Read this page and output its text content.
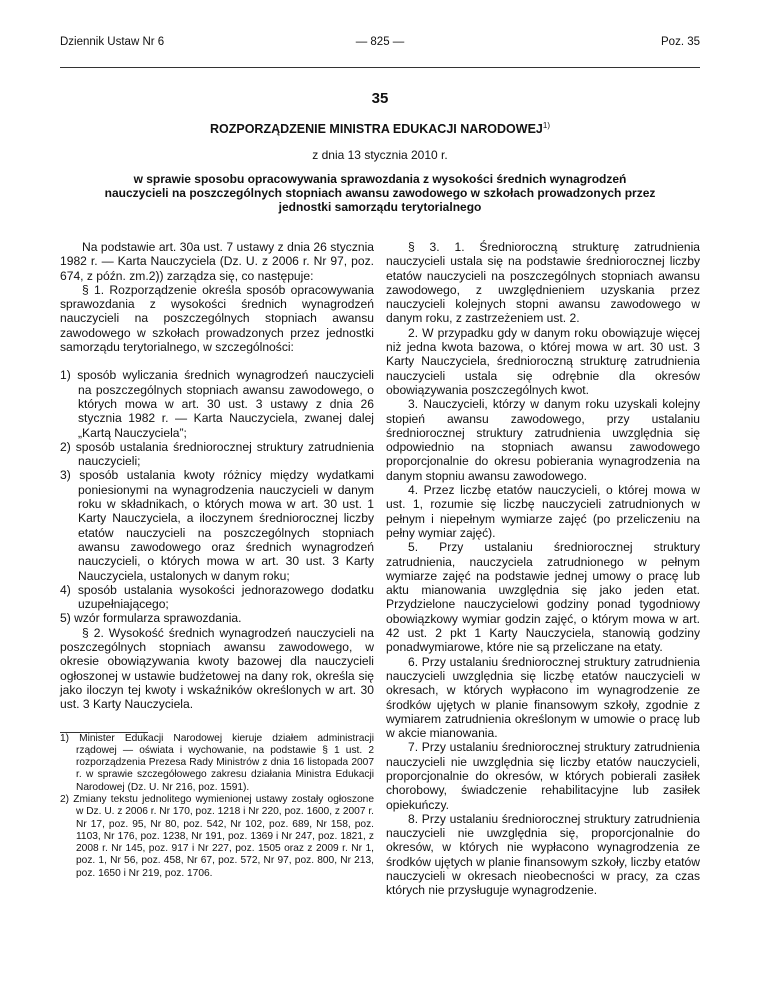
Dziennik Ustaw Nr 6	— 825 —	Poz. 35
35
ROZPORZĄDZENIE MINISTRA EDUKACJI NARODOWEJ$^{1)}$
z dnia 13 stycznia 2010 r.
w sprawie sposobu opracowywania sprawozdania z wysokości średnich wynagrodzeń nauczycieli na poszczególnych stopniach awansu zawodowego w szkołach prowadzonych przez jednostki samorządu terytorialnego

Na podstawie art. 30a ust. 7 ustawy z dnia 26 stycznia 1982 r. — Karta Nauczyciela (Dz. U. z 2006 r. Nr 97, poz. 674, z późn. zm.2)) zarządza się, co następuje:

§ 1. Rozporządzenie określa sposób opracowywania sprawozdania z wysokości średnich wynagrodzeń nauczycieli na poszczególnych stopniach awansu zawodowego w szkołach prowadzonych przez jednostki samorządu terytorialnego, w szczególności:

1) sposób wyliczania średnich wynagrodzeń nauczycieli na poszczególnych stopniach awansu zawodowego, o których mowa w art. 30 ust. 3 ustawy z dnia 26 stycznia 1982 r. — Karta Nauczyciela, zwanej dalej „Kartą Nauczyciela”;

2) sposób ustalania średniorocznej struktury zatrudnienia nauczycieli;

3) sposób ustalania kwoty różnicy między wydatkami poniesionymi na wynagrodzenia nauczycieli w danym roku w składnikach, o których mowa w art. 30 ust. 1 Karty Nauczyciela, a iloczynem średniorocznej liczby etatów nauczycieli na poszczególnych stopniach awansu zawodowego oraz średnich wynagrodzeń nauczycieli, o których mowa w art. 30 ust. 3 Karty Nauczyciela, ustalonych w danym roku;

4) sposób ustalania wysokości jednorazowego dodatku uzupełniającego;

5) wzór formularza sprawozdania.

§ 2. Wysokość średnich wynagrodzeń nauczycieli na poszczególnych stopniach awansu zawodowego, w okresie obowiązywania kwoty bazowej dla nauczycieli ogłoszonej w ustawie budżetowej na dany rok, określa się jako iloczyn tej kwoty i wskaźników określonych w art. 30 ust. 3 Karty Nauczyciela.

1) Minister Edukacji Narodowej kieruje działem administracji rządowej — oświata i wychowanie, na podstawie § 1 ust. 2 rozporządzenia Prezesa Rady Ministrów z dnia 16 listopada 2007 r. w sprawie szczegółowego zakresu działania Ministra Edukacji Narodowej (Dz. U. Nr 216, poz. 1591).

2) Zmiany tekstu jednolitego wymienionej ustawy zostały ogłoszone w Dz. U. z 2006 r. Nr 170, poz. 1218 i Nr 220, poz. 1600, z 2007 r. Nr 17, poz. 95, Nr 80, poz. 542, Nr 102, poz. 689, Nr 158, poz. 1103, Nr 176, poz. 1238, Nr 191, poz. 1369 i Nr 247, poz. 1821, z 2008 r. Nr 145, poz. 917 i Nr 227, poz. 1505 oraz z 2009 r. Nr 1, poz. 1, Nr 56, poz. 458, Nr 67, poz. 572, Nr 97, poz. 800, Nr 213, poz. 1650 i Nr 219, poz. 1706.

§ 3. 1. Średnioroczną strukturę zatrudnienia nauczycieli ustala się na podstawie średniorocznej liczby etatów nauczycieli na poszczególnych stopniach awansu zawodowego, z uwzględnieniem uzyskania przez nauczycieli kolejnych stopni awansu zawodowego w danym roku, z zastrzeżeniem ust. 2.

2. W przypadku gdy w danym roku obowiązuje więcej niż jedna kwota bazowa, o której mowa w art. 30 ust. 3 Karty Nauczyciela, średnioroczną strukturę zatrudnienia nauczycieli ustala się odrębnie dla okresów obowiązywania poszczególnych kwot.

3. Nauczycieli, którzy w danym roku uzyskali kolejny stopień awansu zawodowego, przy ustalaniu średniorocznej struktury zatrudnienia uwzględnia się odpowiednio na stopniach awansu zawodowego proporcjonalnie do okresu pobierania wynagrodzenia na danym stopniu awansu zawodowego.

4. Przez liczbę etatów nauczycieli, o której mowa w ust. 1, rozumie się liczbę nauczycieli zatrudnionych w pełnym i niepełnym wymiarze zajęć (po przeliczeniu na pełny wymiar zajęć).

5. Przy ustalaniu średniorocznej struktury zatrudnienia, nauczyciela zatrudnionego w pełnym wymiarze zajęć na podstawie jednej umowy o pracę lub aktu mianowania uwzględnia się jako jeden etat. Przydzielone nauczycielowi godziny ponad tygodniowy obowiązkowy wymiar godzin zajęć, o którym mowa w art. 42 ust. 2 pkt 1 Karty Nauczyciela, stanowią godziny ponadwymiarowe, które nie są przeliczane na etaty.

6. Przy ustalaniu średniorocznej struktury zatrudnienia nauczycieli uwzględnia się liczbę etatów nauczycieli w okresach, w których wypłacono im wynagrodzenie ze środków ujętych w planie finansowym szkoły, zgodnie z wymiarem zatrudnienia określonym w umowie o pracę lub w akcie mianowania.

7. Przy ustalaniu średniorocznej struktury zatrudnienia nauczycieli nie uwzględnia się liczby etatów nauczycieli, proporcjonalnie do okresów, w których pobierali zasiłek chorobowy, świadczenie rehabilitacyjne lub zasiłek opiekuńczy.

8. Przy ustalaniu średniorocznej struktury zatrudnienia nauczycieli nie uwzględnia się, proporcjonalnie do okresów, w których nie wypłacono wynagrodzenia ze środków ujętych w planie finansowym szkoły, liczby etatów nauczycieli w okresach nieobecności w pracy, za czas których nie przysługuje wynagrodzenie.
